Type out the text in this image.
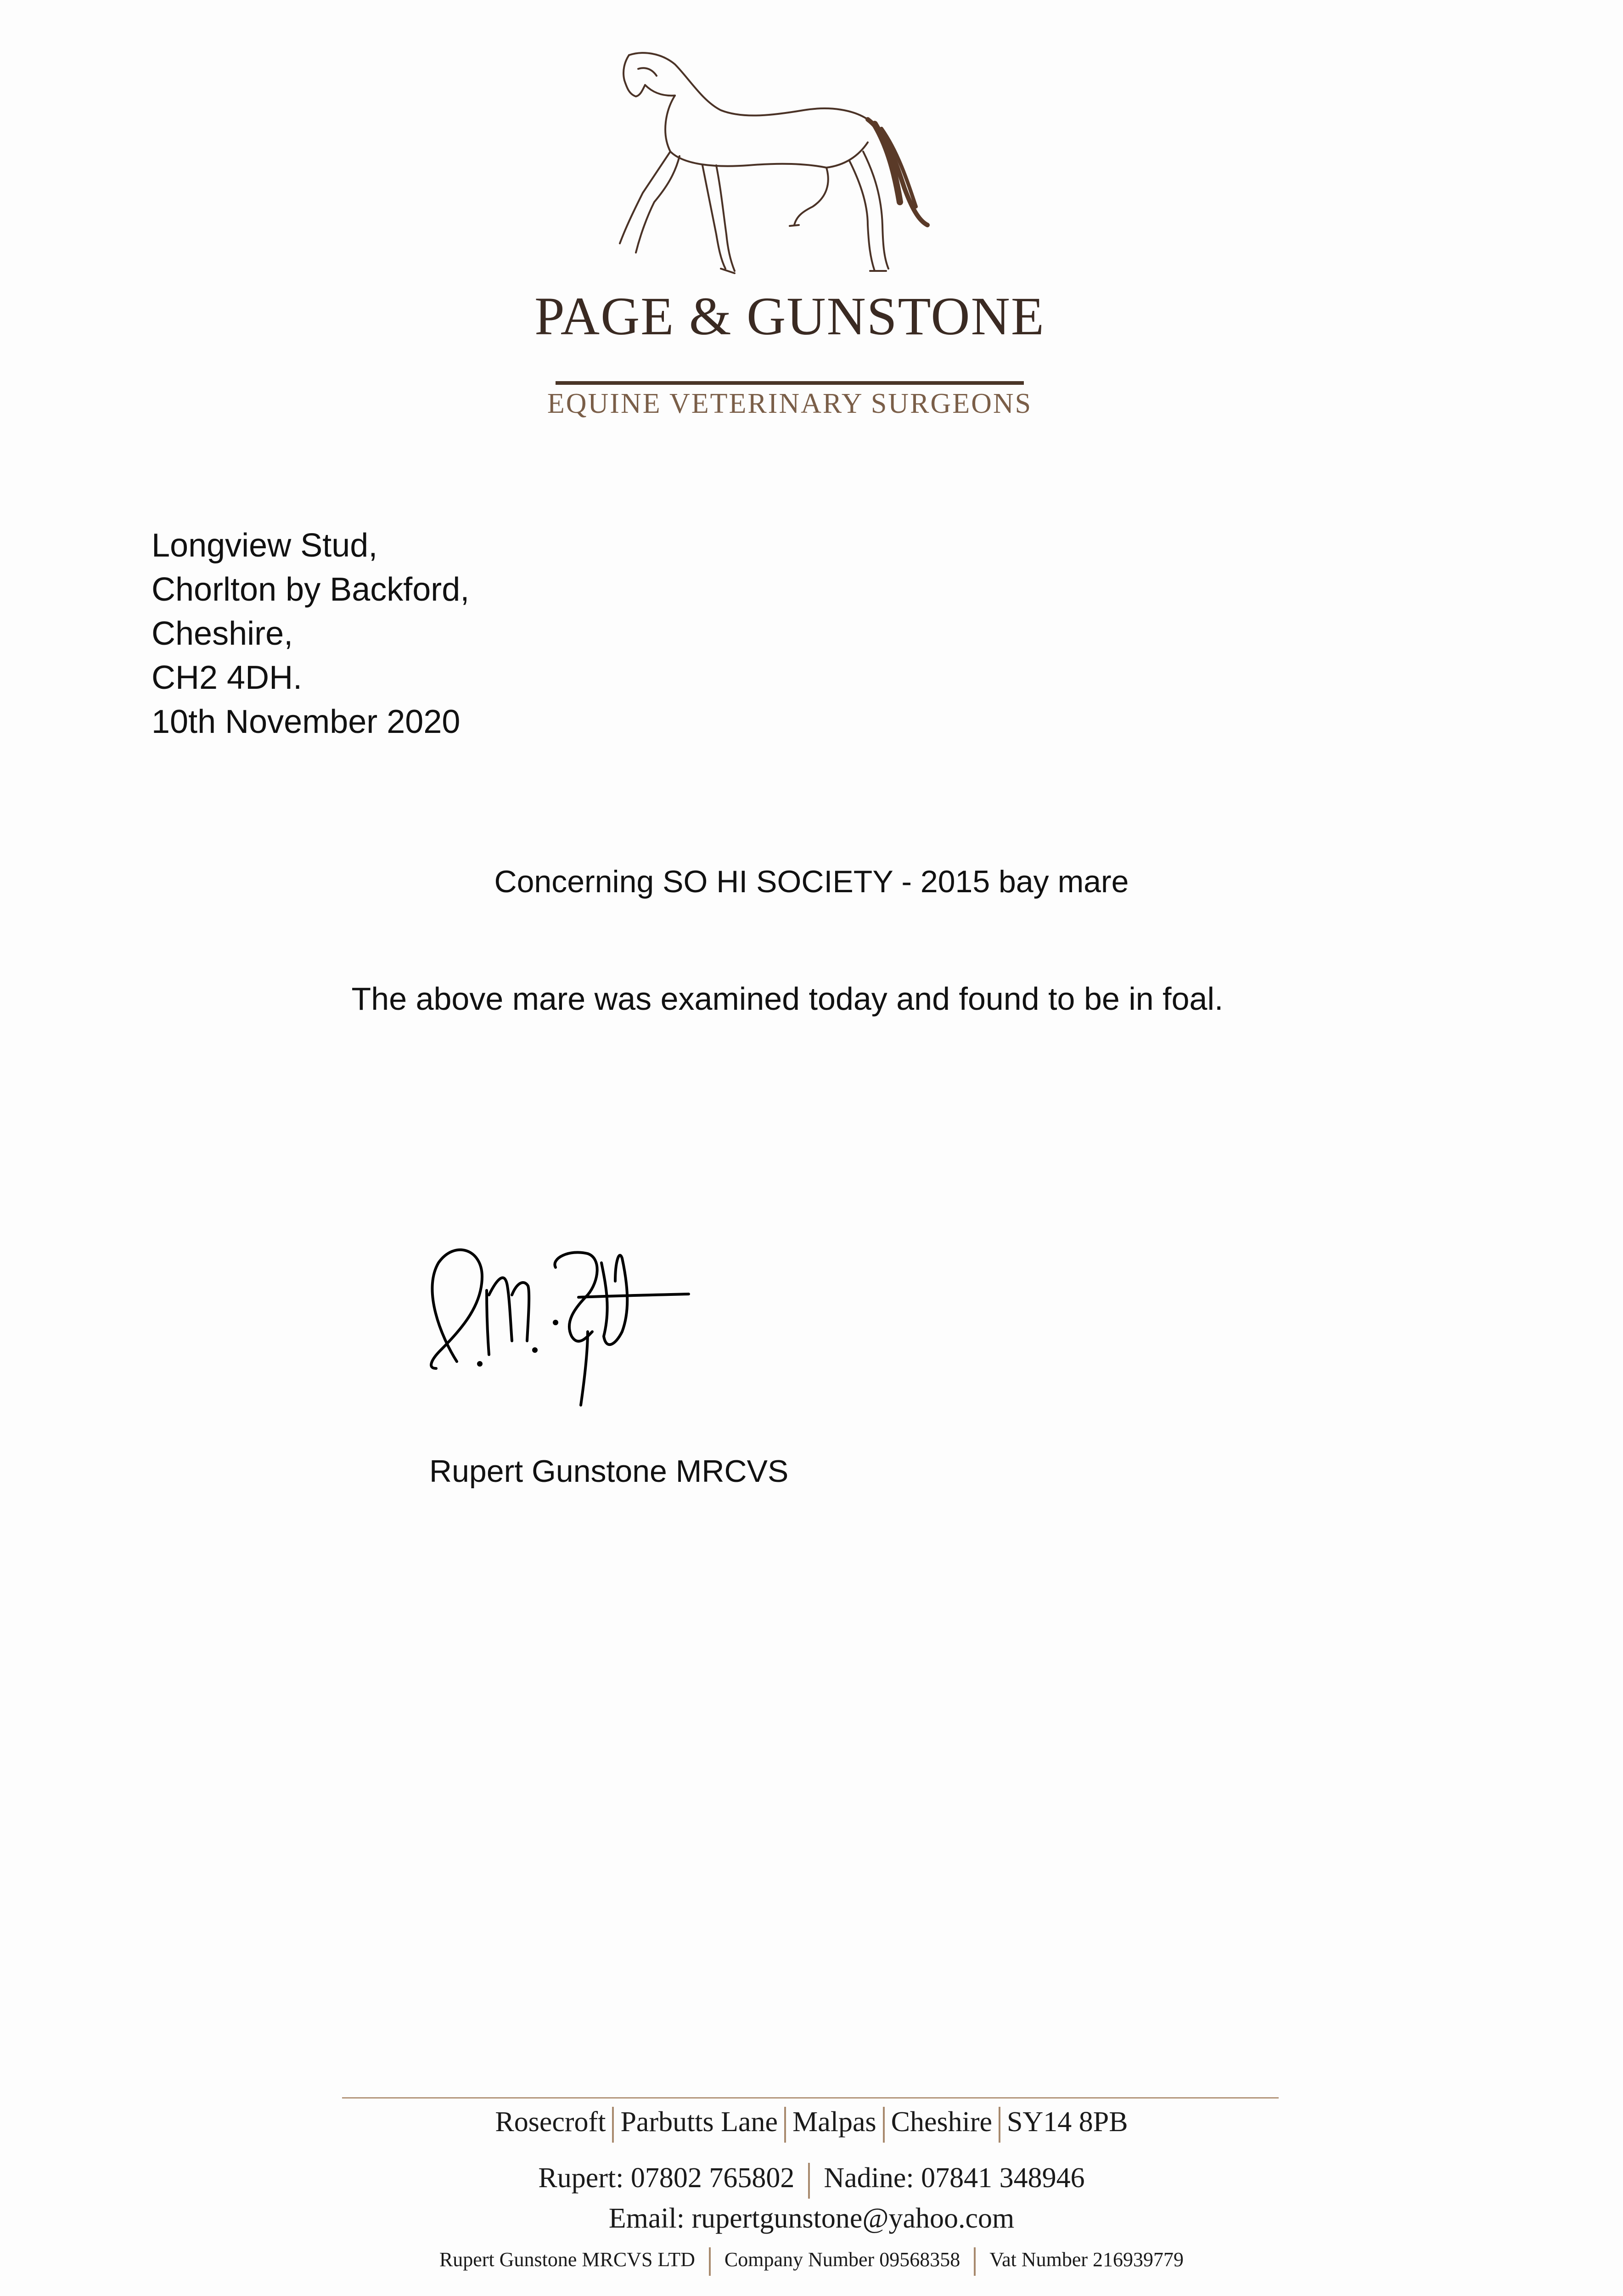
PAGE & GUNSTONE
EQUINE VETERINARY SURGEONS
Longview Stud,
Chorlton by Backford,
Cheshire,
CH2 4DH.
10th November 2020
Concerning SO HI SOCIETY - 2015 bay mare
The above mare was examined today and found to be in foal.
Rupert Gunstone MRCVS
Rosecroft Parbutts Lane Malpas Cheshire SY14 8PB
Rupert: 07802 765802 Nadine: 07841 348946
Email: rupertgunstone@yahoo.com
Rupert Gunstone MRCVS LTD Company Number 09568358 Vat Number 216939779
